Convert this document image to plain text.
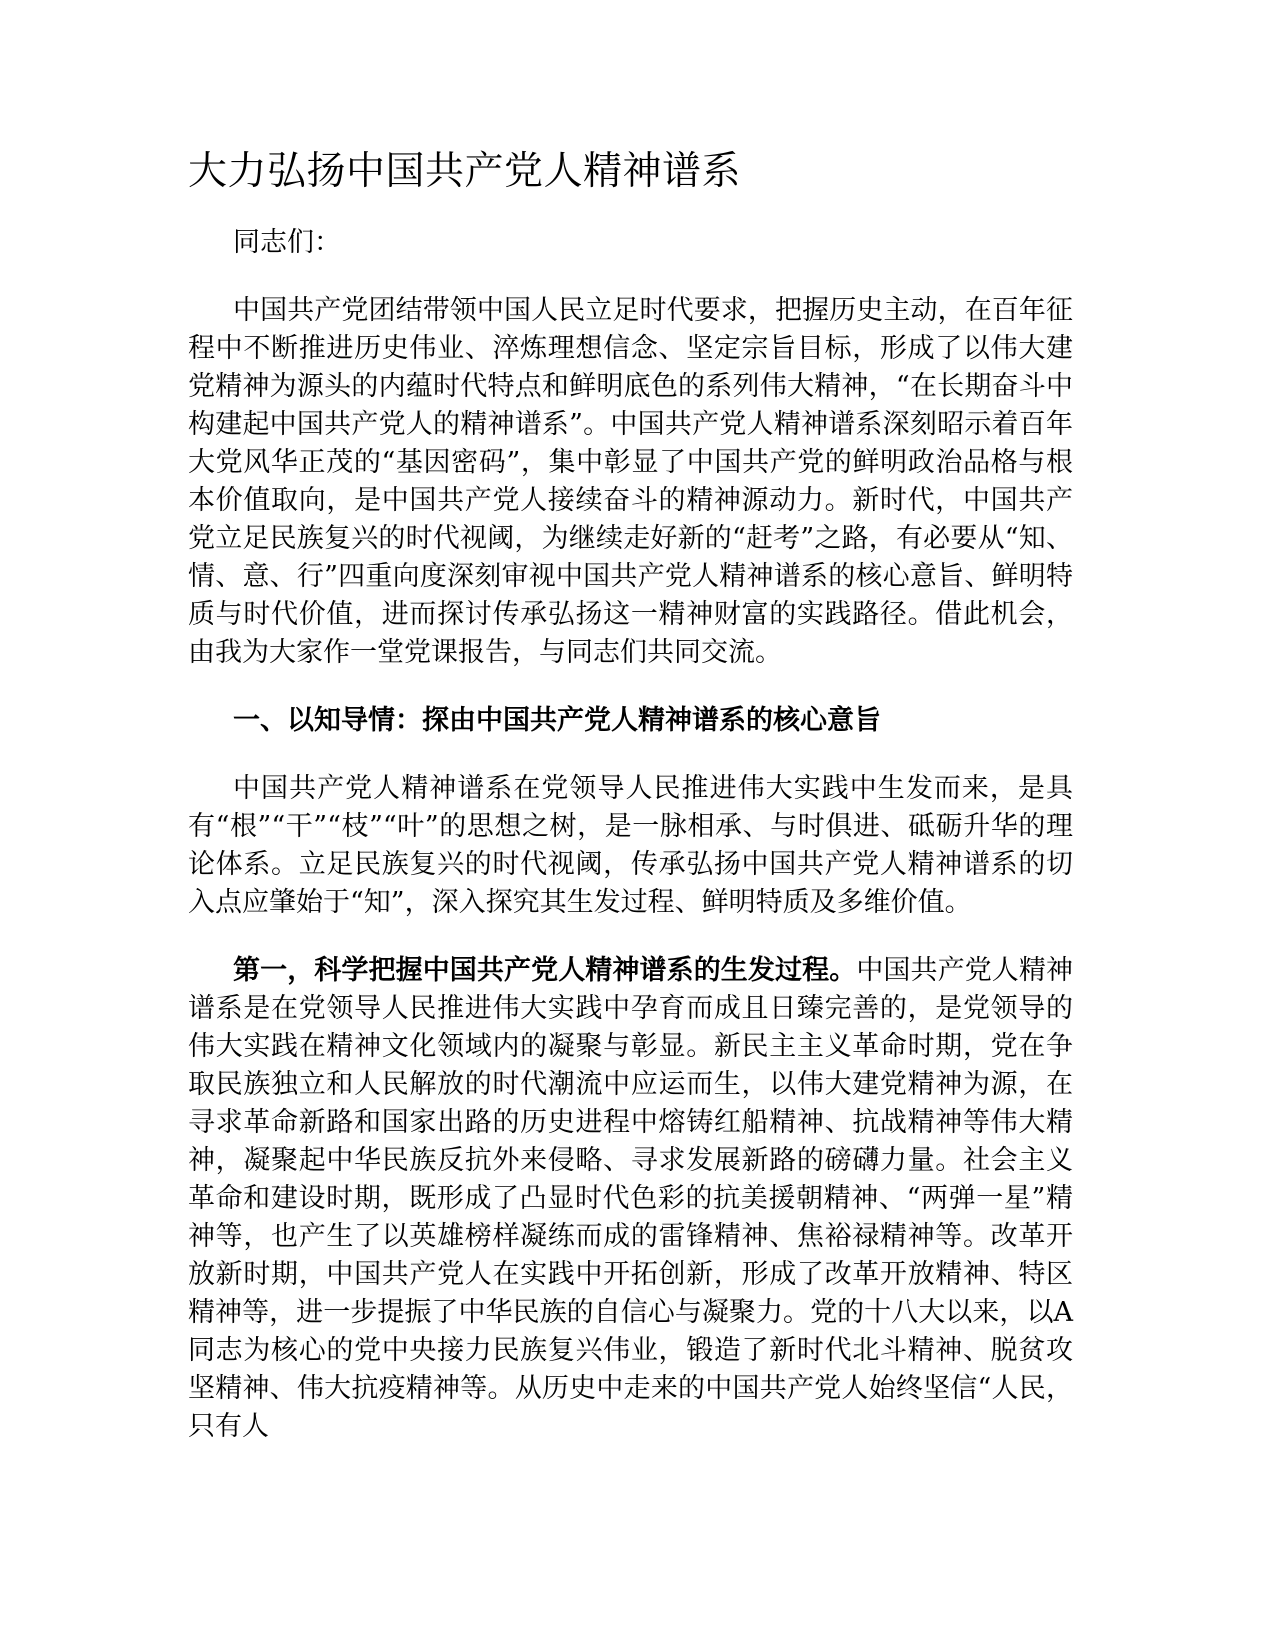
大力弘扬中国共产党人精神谱系

同志们：

中国共产党团结带领中国人民立足时代要求，把握历史主动，在百年征程中不断推进历史伟业、淬炼理想信念、坚定宗旨目标，形成了以伟大建党精神为源头的内蕴时代特点和鲜明底色的系列伟大精神，“在长期奋斗中构建起中国共产党人的精神谱系”。中国共产党人精神谱系深刻昭示着百年大党风华正茂的“基因密码”，集中彰显了中国共产党的鲜明政治品格与根本价值取向，是中国共产党人接续奋斗的精神源动力。新时代，中国共产党立足民族复兴的时代视阈，为继续走好新的“赶考”之路，有必要从“知、情、意、行”四重向度深刻审视中国共产党人精神谱系的核心意旨、鲜明特质与时代价值，进而探讨传承弘扬这一精神财富的实践路径。借此机会，由我为大家作一堂党课报告，与同志们共同交流。

一、以知导情：探由中国共产党人精神谱系的核心意旨

中国共产党人精神谱系在党领导人民推进伟大实践中生发而来，是具有“根”“干”“枝”“叶”的思想之树，是一脉相承、与时俱进、砥砺升华的理论体系。立足民族复兴的时代视阈，传承弘扬中国共产党人精神谱系的切入点应肇始于“知”，深入探究其生发过程、鲜明特质及多维价值。

第一，科学把握中国共产党人精神谱系的生发过程。中国共产党人精神谱系是在党领导人民推进伟大实践中孕育而成且日臻完善的，是党领导的伟大实践在精神文化领域内的凝聚与彰显。新民主主义革命时期，党在争取民族独立和人民解放的时代潮流中应运而生，以伟大建党精神为源，在寻求革命新路和国家出路的历史进程中熔铸红船精神、抗战精神等伟大精神，凝聚起中华民族反抗外来侵略、寻求发展新路的磅礴力量。社会主义革命和建设时期，既形成了凸显时代色彩的抗美援朝精神、“两弹一星”精神等，也产生了以英雄榜样凝练而成的雷锋精神、焦裕禄精神等。改革开放新时期，中国共产党人在实践中开拓创新，形成了改革开放精神、特区精神等，进一步提振了中华民族的自信心与凝聚力。党的十八大以来，以A同志为核心的党中央接力民族复兴伟业，锻造了新时代北斗精神、脱贫攻坚精神、伟大抗疫精神等。从历史中走来的中国共产党人始终坚信“人民，只有人
